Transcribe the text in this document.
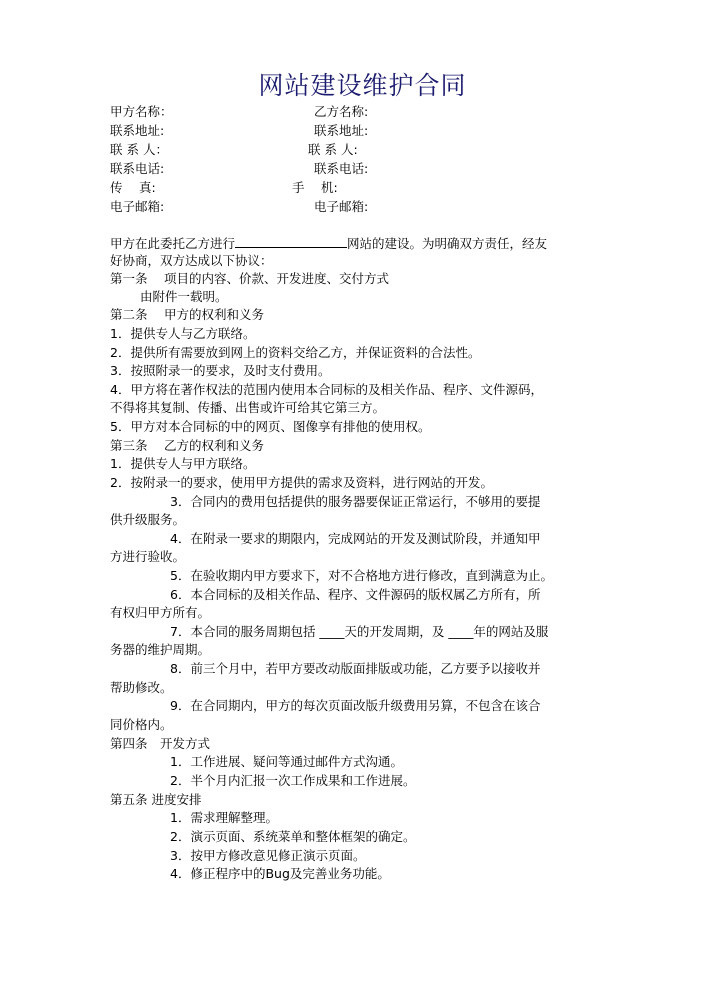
网站建设维护合同
甲方名称：
联系地址:
联 系 人：
联系电话:
传　 真:
电子邮箱:
乙方名称:
联系地址:
联 系 人:
联系电话:
手　 机:
电子邮箱:
甲方在此委托乙方进行	网站的建设。为明确双方责任，经友
好协商，双方达成以下协议：
第一条　 项目的内容、价款、开发进度、交付方式
由附件一载明。
第二条　 甲方的权利和义务
1．提供专人与乙方联络。
2．提供所有需要放到网上的资料交给乙方，并保证资料的合法性。
3．按照附录一的要求，及时支付费用。
4．甲方将在著作权法的范围内使用本合同标的及相关作品、程序、文件源码，
不得将其复制、传播、出售或许可给其它第三方。
5．甲方对本合同标的中的网页、图像享有排他的使用权。
第三条　 乙方的权利和义务
1．提供专人与甲方联络。
2．按附录一的要求，使用甲方提供的需求及资料，进行网站的开发。
3．合同内的费用包括提供的服务器要保证正常运行，不够用的要提
供升级服务。
4．在附录一要求的期限内，完成网站的开发及测试阶段，并通知甲
方进行验收。
5．在验收期内甲方要求下，对不合格地方进行修改，直到满意为止。
6．本合同标的及相关作品、程序、文件源码的版权属乙方所有，所
有权归甲方所有。
7．本合同的服务周期包括 ____天的开发周期，及 ____年的网站及服
务器的维护周期。
8．前三个月中，若甲方要改动版面排版或功能，乙方要予以接收并
帮助修改。
9．在合同期内，甲方的每次页面改版升级费用另算，不包含在该合
同价格内。
第四条　开发方式
1．工作进展、疑问等通过邮件方式沟通。
2．半个月内汇报一次工作成果和工作进展。
第五条 进度安排
1．需求理解整理。
2．演示页面、系统菜单和整体框架的确定。
3．按甲方修改意见修正演示页面。
4．修正程序中的Bug及完善业务功能。
